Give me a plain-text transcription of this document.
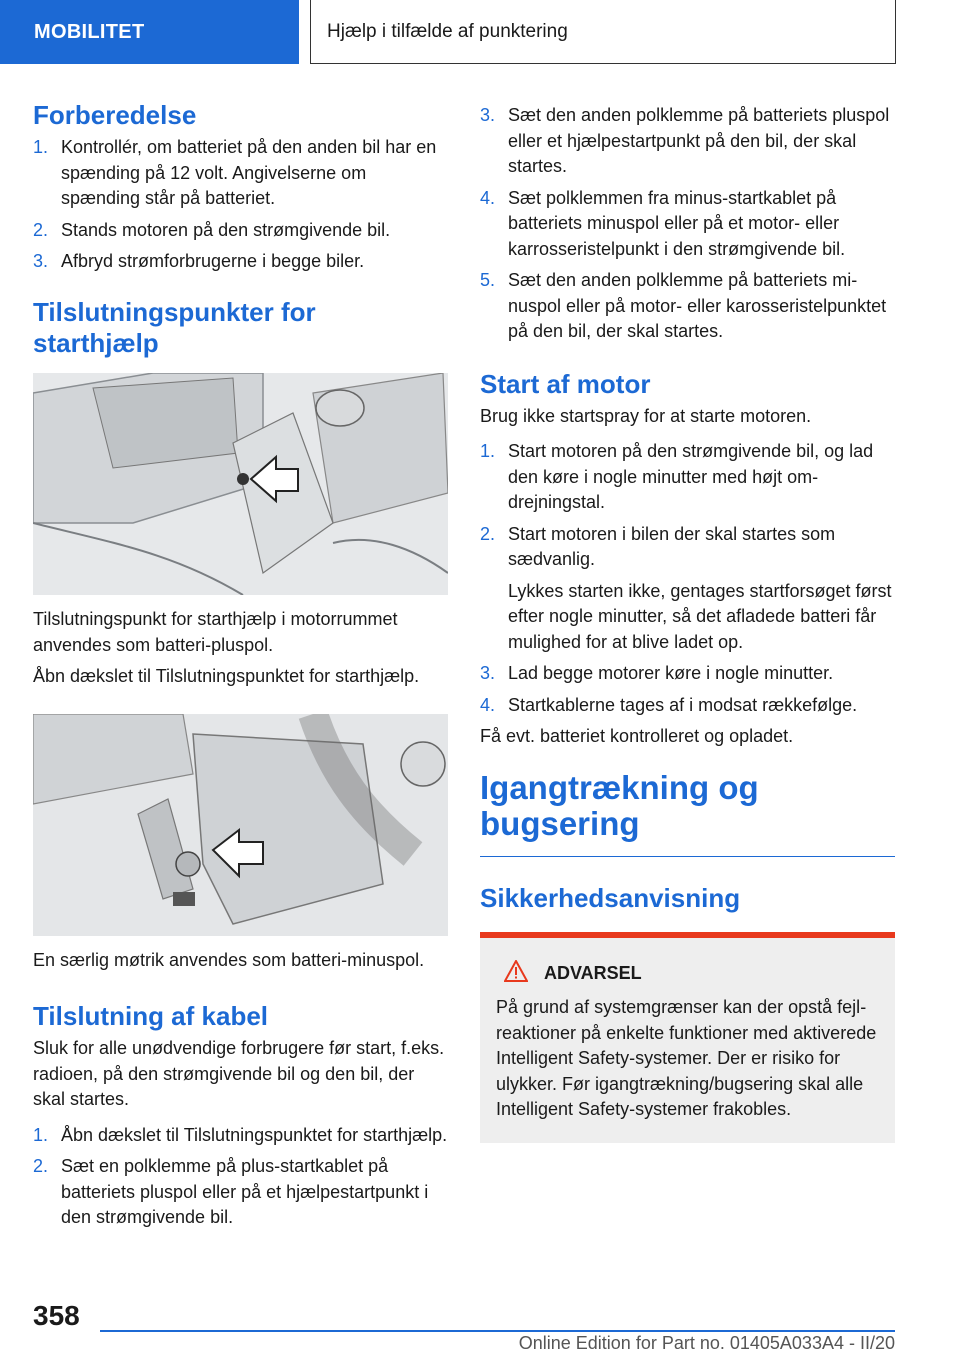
MOBILITET	Hjælp i tilfælde af punktering
Forberedelse
1. Kontrollér, om batteriet på den anden bil har en spænding på 12 volt. Angivelserne om spænding står på batteriet.
2. Stands motoren på den strømgivende bil.
3. Afbryd strømforbrugerne i begge biler.
Tilslutningspunkter for starthjælp

Tilslutningspunkt for starthjælp i motorrummet anvendes som batteri-pluspol.

Åbn dækslet til Tilslutningspunktet for starthjælp.

En særlig møtrik anvendes som batteri-minuspol.

Tilslutning af kabel

Sluk for alle unødvendige forbrugere før start, f.eks. radioen, på den strømgivende bil og den bil, der skal startes.

1. Åbn dækslet til Tilslutningspunktet for starthjælp.
2. Sæt en polklemme på plus-startkablet på batteriets pluspol eller på et hjælpestartpunkt i den strømgivende bil.
3. Sæt den anden polklemme på batteriets pluspol eller et hjælpestartpunkt på den bil, der skal startes.
4. Sæt polklemmen fra minus-startkablet på batteriets minuspol eller på et motor- eller karrosseristelpunkt i den strømgivende bil.
5. Sæt den anden polklemme på batteriets minuspol eller på motor- eller karosseristelpunktet på den bil, der skal startes.
Start af motor

Brug ikke startspray for at starte motoren.

1. Start motoren på den strømgivende bil, og lad den køre i nogle minutter med højt omdrejningstal.
2. Start motoren i bilen der skal startes som sædvanlig.

Lykkes starten ikke, gentages startforsøget først efter nogle minutter, så det afladede batteri får mulighed for at blive ladet op.

3. Lad begge motorer køre i nogle minutter.
4. Startkablerne tages af i modsat rækkefølge.

Få evt. batteriet kontrolleret og opladet.

Igangtrækning og bugsering
Sikkerhedsanvisning
ADVARSEL
På grund af systemgrænser kan der opstå fejlreaktioner på enkelte funktioner med aktiverede Intelligent Safety-systemer. Der er risiko for ulykker. Før igangtrækning/bugsering skal alle Intelligent Safety-systemer frakobles.
358
Online Edition for Part no. 01405A033A4 - II/20
